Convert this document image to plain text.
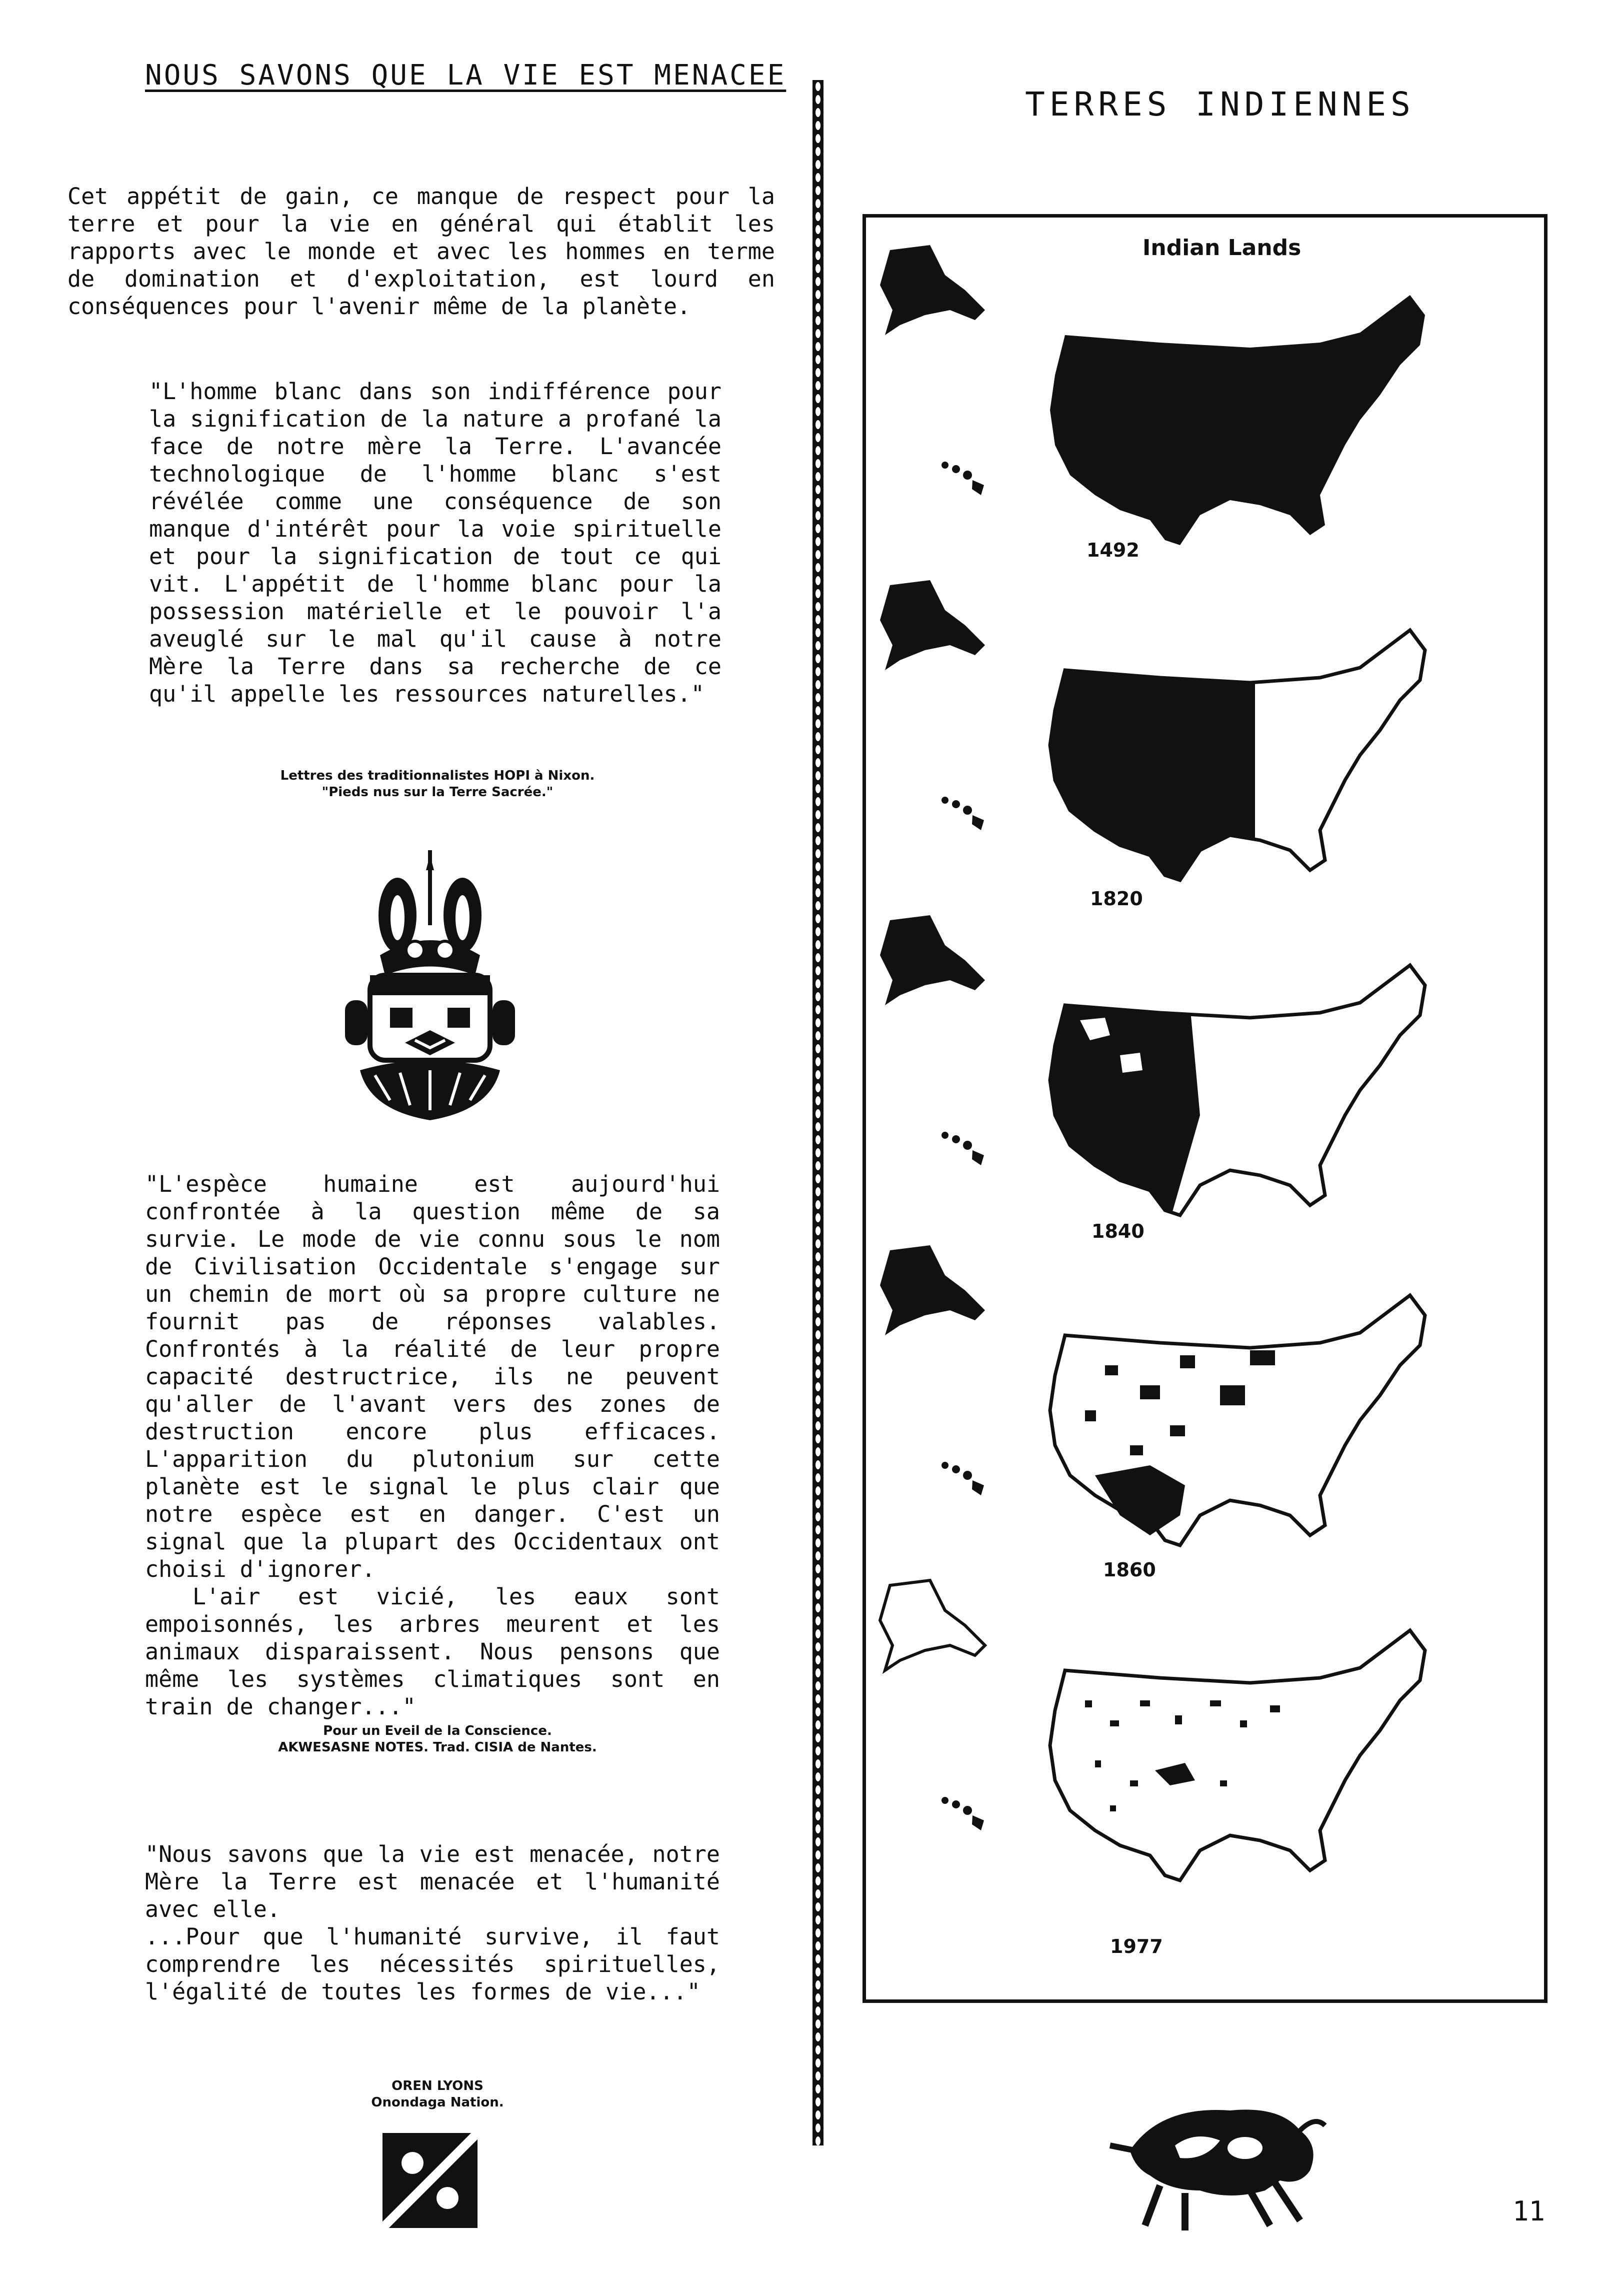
NOUS SAVONS QUE LA VIE EST MENACEE

Cet appétit de gain, ce manque de respect pour la terre et pour la vie en général qui établit les rapports avec le monde et avec les hommes en terme de domination et d'exploitation, est lourd en conséquences pour l'avenir même de la planète.

"L'homme blanc dans son indifférence pour la signification de la nature a profané la face de notre mère la Terre. L'avancée technologique de l'homme blanc s'est révélée comme une conséquence de son manque d'intérêt pour la voie spirituelle et pour la signification de tout ce qui vit. L'appétit de l'homme blanc pour la possession matérielle et le pouvoir l'a aveuglé sur le mal qu'il cause à notre Mère la Terre dans sa recherche de ce qu'il appelle les ressources naturelles."

Lettres des traditionnalistes HOPI à Nixon.
"Pieds nus sur la Terre Sacrée."

"L'espèce humaine est aujourd'hui confrontée à la question même de sa survie. Le mode de vie connu sous le nom de Civilisation Occidentale s'engage sur un chemin de mort où sa propre culture ne fournit pas de réponses valables. Confrontés à la réalité de leur propre capacité destructrice, ils ne peuvent qu'aller de l'avant vers des zones de destruction encore plus efficaces. L'apparition du plutonium sur cette planète est le signal le plus clair que notre espèce est en danger. C'est un signal que la plupart des Occidentaux ont choisi d'ignorer.

L'air est vicié, les eaux sont empoisonnés, les arbres meurent et les animaux disparaissent. Nous pensons que même les systèmes climatiques sont en train de changer..."

Pour un Eveil de la Conscience.
AKWESASNE NOTES. Trad. CISIA de Nantes.

"Nous savons que la vie est menacée, notre Mère la Terre est menacée et l'humanité avec elle.

...Pour que l'humanité survive, il faut comprendre les nécessités spirituelles, l'égalité de toutes les formes de vie..."

OREN LYONS
Onondaga Nation.
TERRES INDIENNES
Indian Lands
1492
1820
1840
1860
1977
11
